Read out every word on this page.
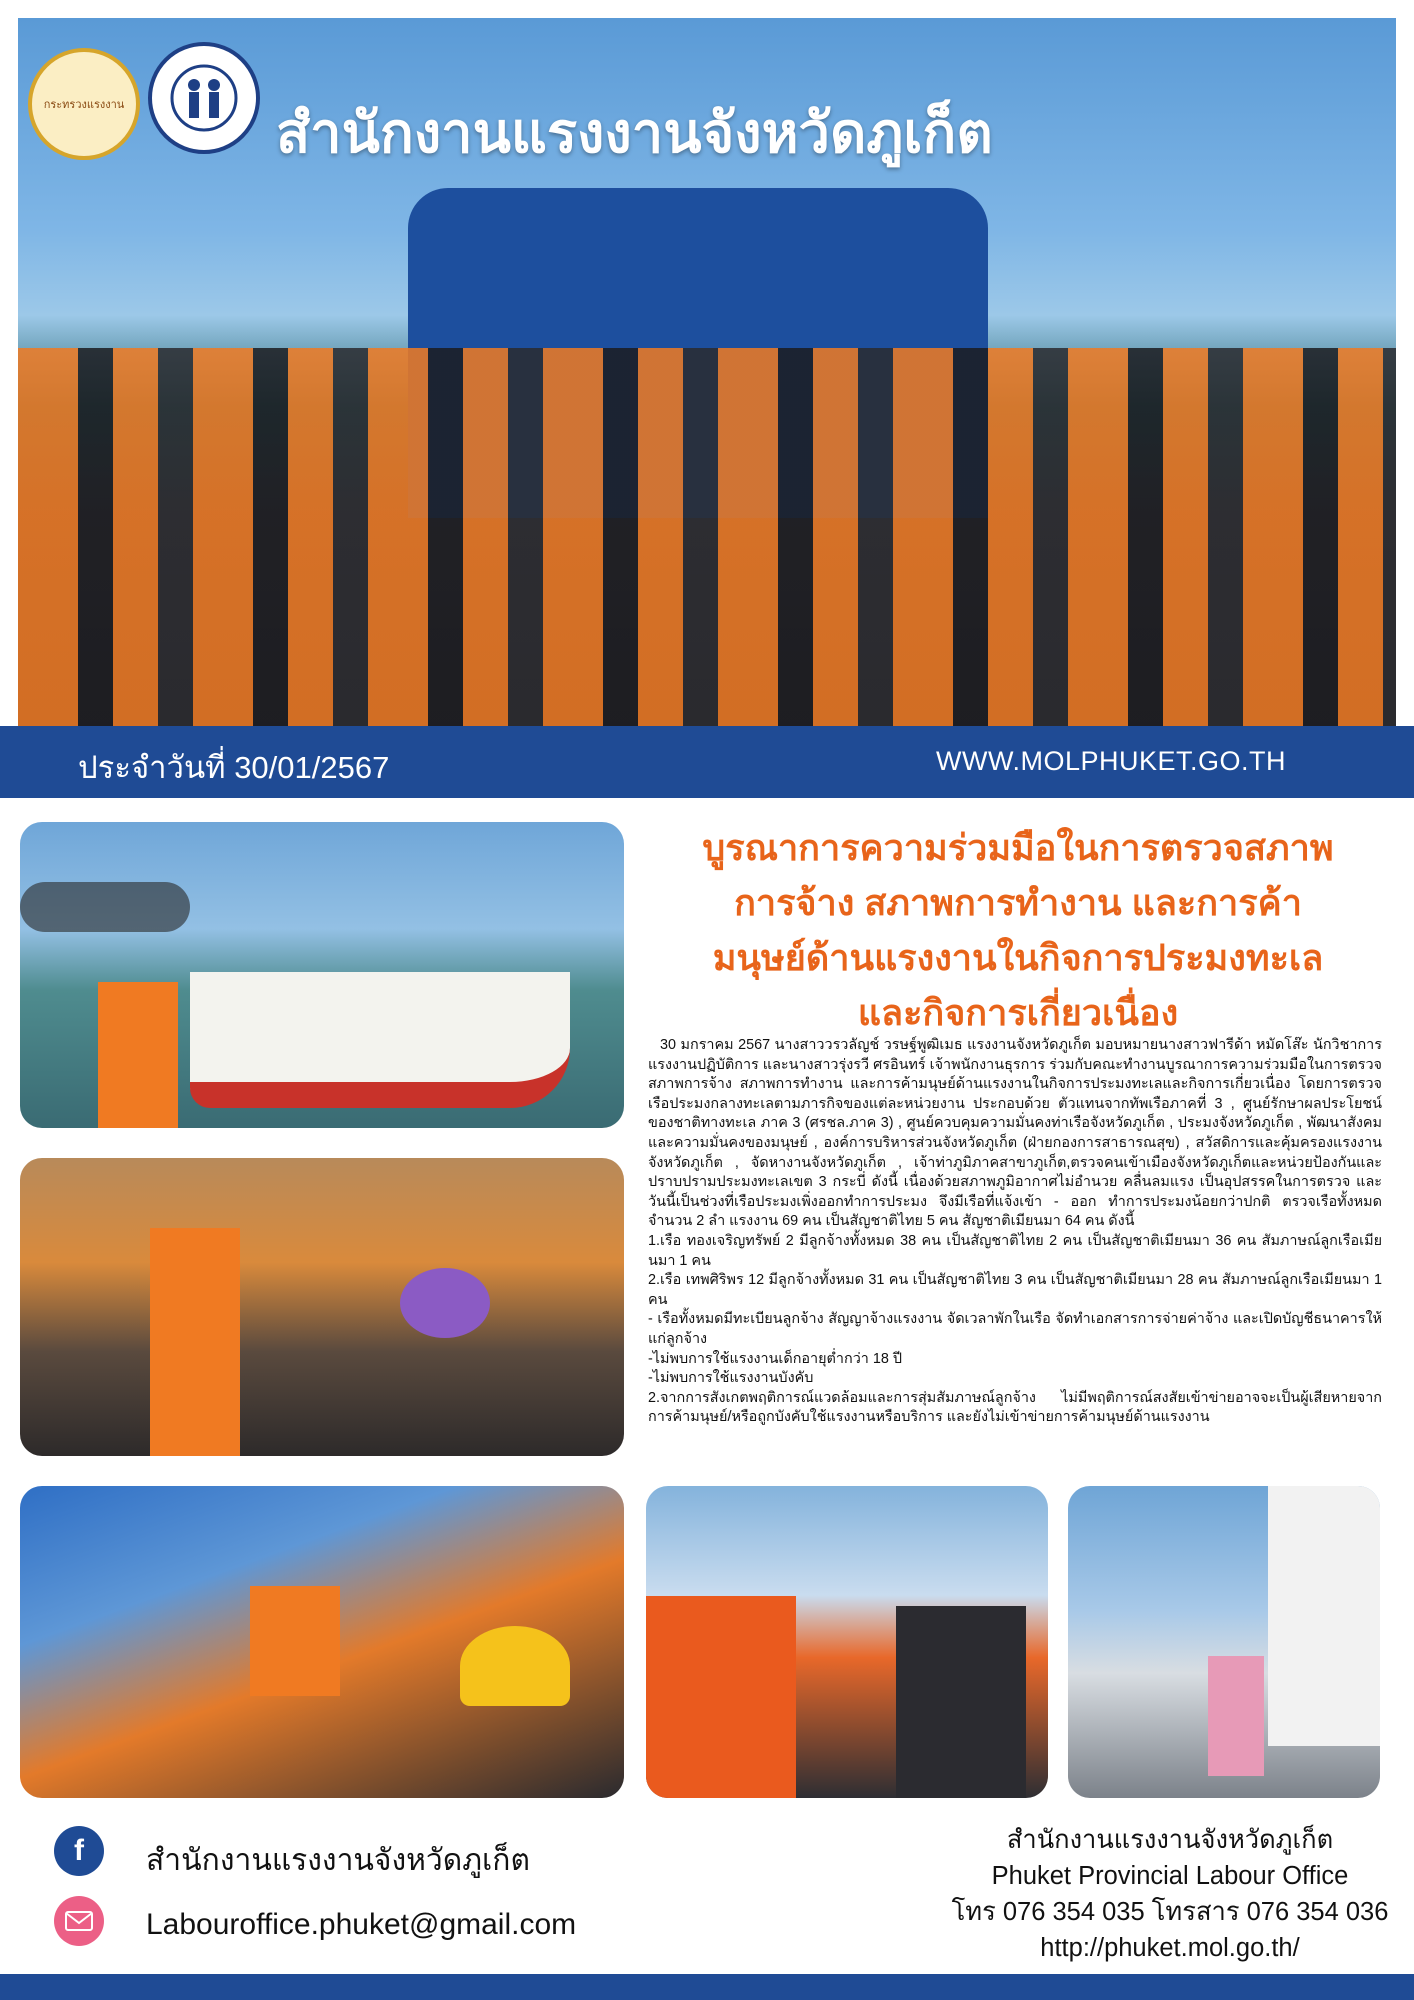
กระทรวงแรงงาน	สำนักงานแรงงานจังหวัดภูเก็ต
ประจำวันที่ 30/01/2567	WWW.MOLPHUKET.GO.TH
บูรณาการความร่วมมือในการตรวจสภาพ
การจ้าง สภาพการทำงาน และการค้า
มนุษย์ด้านแรงงานในกิจการประมงทะเล
และกิจการเกี่ยวเนื่อง

30 มกราคม 2567 นางสาววรวลัญช์ วรษฐ์พูฒิเมธ แรงงานจังหวัดภูเก็ต มอบหมายนางสาวฟารีด้า หมัดโส๊ะ นักวิชาการแรงงานปฏิบัติการ และนางสาวรุ่งรวี ศรอินทร์ เจ้าพนักงานธุรการ ร่วมกับคณะทำงานบูรณาการความร่วมมือในการตรวจสภาพการจ้าง สภาพการทำงาน และการค้ามนุษย์ด้านแรงงานในกิจการประมงทะเลและกิจการเกี่ยวเนื่อง โดยการตรวจเรือประมงกลางทะเลตามภารกิจของแต่ละหน่วยงาน ประกอบด้วย ตัวแทนจากทัพเรือภาคที่ 3 , ศูนย์รักษาผลประโยชน์ของชาติทางทะเล ภาค 3 (ศรชล.ภาค 3) , ศูนย์ควบคุมความมั่นคงท่าเรือจังหวัดภูเก็ต , ประมงจังหวัดภูเก็ต , พัฒนาสังคมและความมั่นคงของมนุษย์ , องค์การบริหารส่วนจังหวัดภูเก็ต (ฝ่ายกองการสาธารณสุข) , สวัสดิการและคุ้มครองแรงงานจังหวัดภูเก็ต , จัดหางานจังหวัดภูเก็ต , เจ้าท่าภูมิภาคสาขาภูเก็ต,ตรวจคนเข้าเมืองจังหวัดภูเก็ตและหน่วยป้องกันและปราบปรามประมงทะเลเขต 3 กระบี่ ดังนี้ เนื่องด้วยสภาพภูมิอากาศไม่อำนวย คลื่นลมแรง เป็นอุปสรรคในการตรวจ และวันนี้เป็นช่วงที่เรือประมงเพิ่งออกทำการประมง จึงมีเรือที่แจ้งเข้า - ออก ทำการประมงน้อยกว่าปกติ ตรวจเรือทั้งหมดจำนวน 2 ลำ แรงงาน 69 คน เป็นสัญชาติไทย 5 คน สัญชาติเมียนมา 64 คน ดังนี้

1.เรือ ทองเจริญทรัพย์ 2 มีลูกจ้างทั้งหมด 38 คน เป็นสัญชาติไทย 2 คน เป็นสัญชาติเมียนมา 36 คน สัมภาษณ์ลูกเรือเมียนมา 1 คน

2.เรือ เทพศิริพร 12 มีลูกจ้างทั้งหมด 31 คน เป็นสัญชาติไทย 3 คน เป็นสัญชาติเมียนมา 28 คน สัมภาษณ์ลูกเรือเมียนมา 1 คน

- เรือทั้งหมดมีทะเบียนลูกจ้าง สัญญาจ้างแรงงาน จัดเวลาพักในเรือ จัดทำเอกสารการจ่ายค่าจ้าง และเปิดบัญชีธนาคารให้แก่ลูกจ้าง

-ไม่พบการใช้แรงงานเด็กอายุต่ำกว่า 18 ปี

-ไม่พบการใช้แรงงานบังคับ

2.จากการสังเกตพฤติการณ์แวดล้อมและการสุ่มสัมภาษณ์ลูกจ้าง ไม่มีพฤติการณ์สงสัยเข้าข่ายอาจจะเป็นผู้เสียหายจากการค้ามนุษย์/หรือถูกบังคับใช้แรงงานหรือบริการ และยังไม่เข้าข่ายการค้ามนุษย์ด้านแรงงาน

f	สำนักงานแรงงานจังหวัดภูเก็ต
Labouroffice.phuket@gmail.com
สำนักงานแรงงานจังหวัดภูเก็ต
Phuket Provincial Labour Office
โทร 076 354 035 โทรสาร 076 354 036
http://phuket.mol.go.th/
